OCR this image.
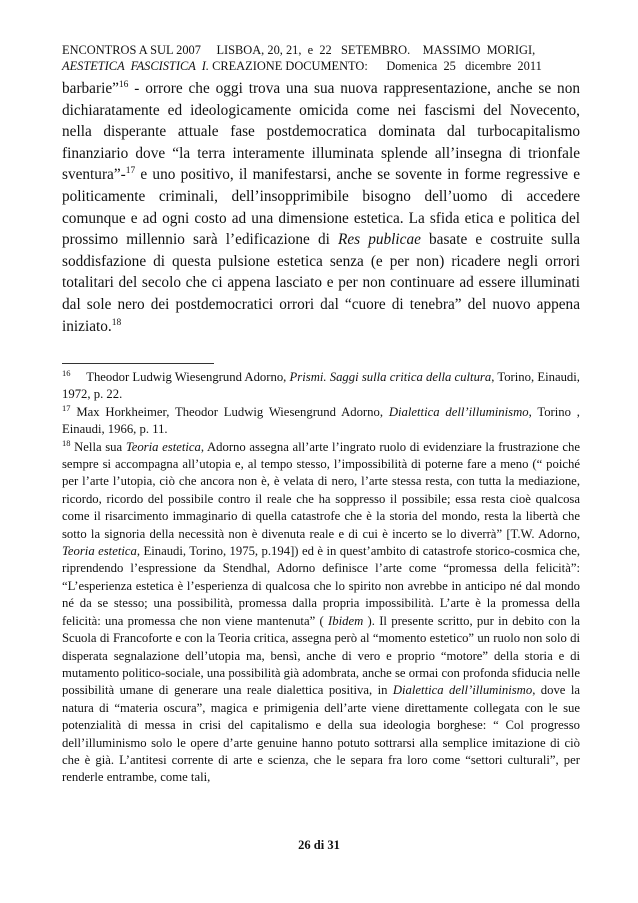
ENCONTROS A SUL 2007     LISBOA, 20, 21,  e  22   SETEMBRO.    MASSIMO  MORIGI,
AESTETICA  FASCISTICA  I. CREAZIONE DOCUMENTO:      Domenica  25   dicembre  2011

barbarie”$^{16}$ - orrore che oggi trova una sua nuova rappresentazione, anche se non dichiaratamente ed ideologicamente omicida come nei fascismi del Novecento, nella disperante attuale fase postdemocratica dominata dal turbocapitalismo finanziario dove “la terra interamente illuminata splende all’insegna di trionfale sventura”-$^{17}$ e uno positivo, il manifestarsi, anche se sovente in forme regressive e politicamente criminali, dell’insopprimibile bisogno dell’uomo di accedere comunque e ad ogni costo ad una dimensione estetica. La sfida etica e politica del prossimo millennio sarà l’edificazione di Res publicae basate e costruite sulla soddisfazione di questa pulsione estetica senza (e per non) ricadere negli orrori totalitari del secolo che ci appena lasciato e per non continuare ad essere illuminati dal sole nero dei postdemocratici orrori dal “cuore di tenebra” del nuovo appena iniziato.$^{18}$

$^{16}$     Theodor Ludwig Wiesengrund Adorno, Prismi. Saggi sulla critica della cultura, Torino, Einaudi, 1972, p. 22.

$^{17}$ Max Horkheimer, Theodor Ludwig Wiesengrund Adorno, Dialettica dell’illuminismo, Torino , Einaudi, 1966, p. 11.

$^{18}$ Nella sua Teoria estetica, Adorno assegna all’arte l’ingrato ruolo di evidenziare la frustrazione che sempre si accompagna all’utopia e, al tempo stesso, l’impossibilità di poterne fare a meno (“ poiché per l’arte l’utopia, ciò che ancora non è, è velata di nero, l’arte stessa resta, con tutta la mediazione, ricordo, ricordo del possibile contro il reale che ha soppresso il possibile; essa resta cioè qualcosa come il risarcimento immaginario di quella catastrofe che è la storia del mondo, resta la libertà che sotto la signoria della necessità non è divenuta reale e di cui è incerto se lo diverrà” [T.W. Adorno, Teoria estetica, Einaudi, Torino, 1975, p.194]) ed è in quest’ambito di catastrofe storico-cosmica che, riprendendo l’espressione da Stendhal, Adorno definisce l’arte come “promessa della felicità”: “L’esperienza estetica è l’esperienza di qualcosa che lo spirito non avrebbe in anticipo né dal mondo né da se stesso; una possibilità, promessa dalla propria impossibilità. L’arte è la promessa della felicità: una promessa che non viene mantenuta” ( Ibidem ). Il presente scritto, pur in debito con la Scuola di Francoforte e con la Teoria critica, assegna però al “momento estetico” un ruolo non solo di disperata segnalazione dell’utopia ma, bensì, anche di vero e proprio “motore” della storia e di mutamento politico-sociale, una possibilità già adombrata, anche se ormai con profonda sfiducia nelle possibilità umane di generare una reale dialettica positiva, in Dialettica dell’illuminismo, dove la natura di “materia oscura”, magica e primigenia dell’arte viene direttamente collegata con le sue potenzialità di messa in crisi del capitalismo e della sua ideologia borghese: “ Col progresso dell’illuminismo solo le opere d’arte genuine hanno potuto sottrarsi alla semplice imitazione di ciò che è già. L’antitesi corrente di arte e scienza, che le separa fra loro come “settori culturali”, per renderle entrambe, come tali,

26 di 31
